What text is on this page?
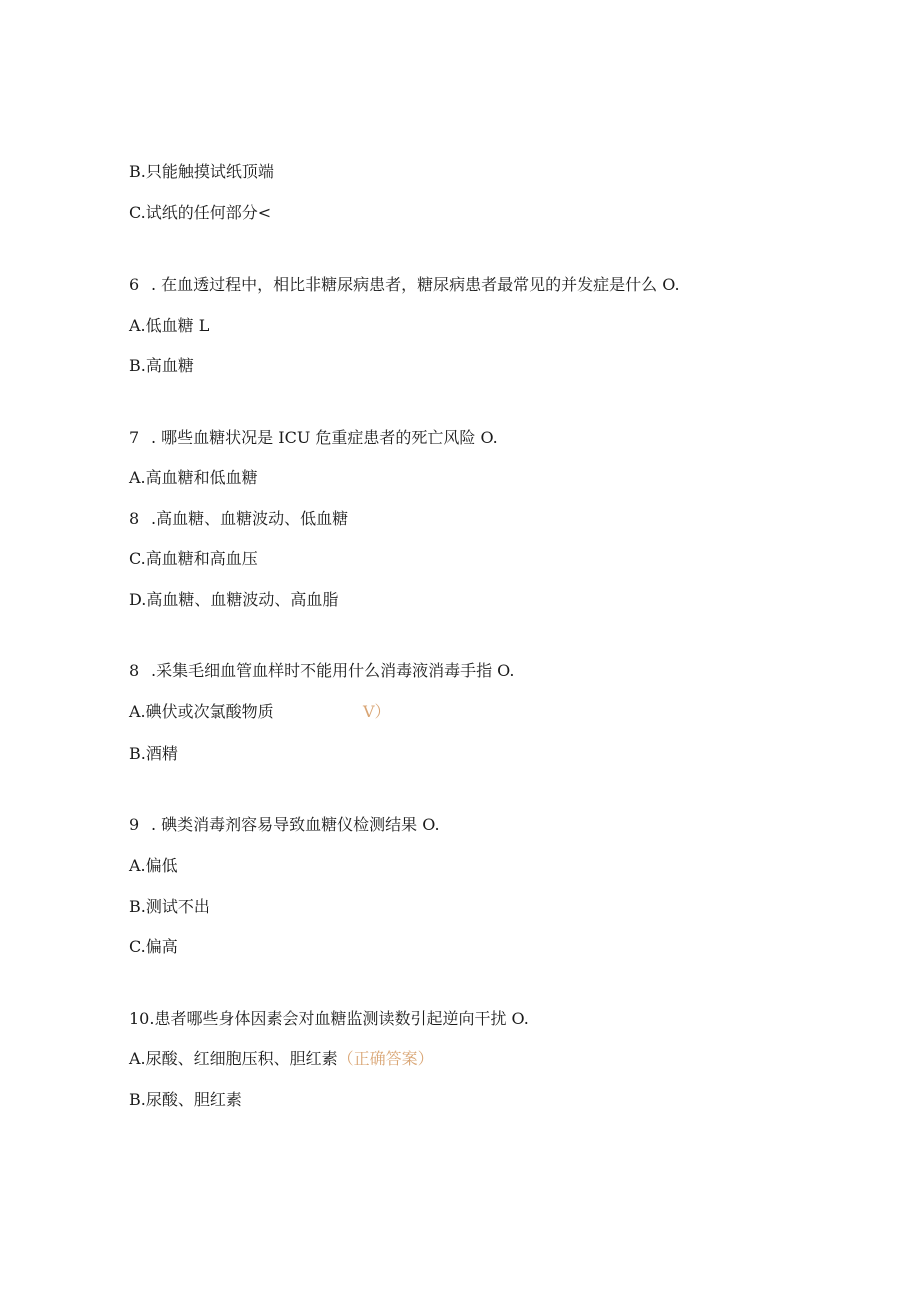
B.只能触摸试纸顶端
C.试纸的任何部分<
6 . 在血透过程中，相比非糖尿病患者，糖尿病患者最常见的并发症是什么 O.
A.低血糖 L
B.高血糖
7 . 哪些血糖状况是 ICU 危重症患者的死亡风险 O.
A.高血糖和低血糖
8 .高血糖、血糖波动、低血糖
C.高血糖和高血压
D.高血糖、血糖波动、高血脂
8 .采集毛细血管血样时不能用什么消毒液消毒手指 O.
A.碘伏或次氯酸物质	V）
B.酒精
9 . 碘类消毒剂容易导致血糖仪检测结果 O.
A.偏低
B.测试不出
C.偏高
10.患者哪些身体因素会对血糖监测读数引起逆向干扰 O.
A.尿酸、红细胞压积、胆红素（正确答案）
B.尿酸、胆红素
